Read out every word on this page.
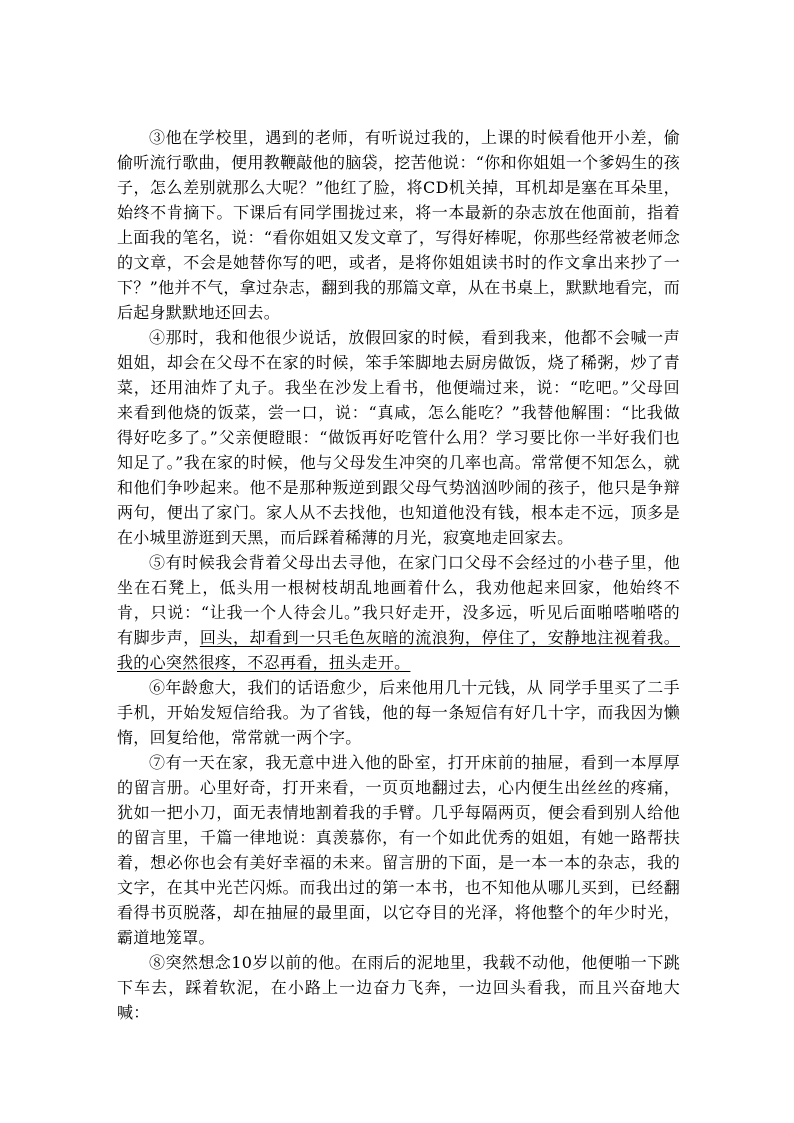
③他在学校里，遇到的老师，有听说过我的，上课的时候看他开小差，偷偷听流行歌曲，便用教鞭敲他的脑袋，挖苦他说：“你和你姐姐一个爹妈生的孩子，怎么差别就那么大呢？”他红了脸，将CD机关掉，耳机却是塞在耳朵里，始终不肯摘下。下课后有同学围拢过来，将一本最新的杂志放在他面前，指着上面我的笔名，说：“看你姐姐又发文章了，写得好棒呢，你那些经常被老师念的文章，不会是她替你写的吧，或者，是将你姐姐读书时的作文拿出来抄了一下？”他并不气，拿过杂志，翻到我的那篇文章，从在书桌上，默默地看完，而后起身默默地还回去。

④那时，我和他很少说话，放假回家的时候，看到我来，他都不会喊一声姐姐，却会在父母不在家的时候，笨手笨脚地去厨房做饭，烧了稀粥，炒了青菜，还用油炸了丸子。我坐在沙发上看书，他便端过来，说：“吃吧。”父母回来看到他烧的饭菜，尝一口，说：“真咸，怎么能吃？”我替他解围：“比我做得好吃多了。”父亲便瞪眼：“做饭再好吃管什么用？学习要比你一半好我们也知足了。”我在家的时候，他与父母发生冲突的几率也高。常常便不知怎么，就和他们争吵起来。他不是那种叛逆到跟父母气势汹汹吵闹的孩子，他只是争辩两句，便出了家门。家人从不去找他，也知道他没有钱，根本走不远，顶多是在小城里游逛到天黑，而后踩着稀薄的月光，寂寞地走回家去。

⑤有时候我会背着父母出去寻他，在家门口父母不会经过的小巷子里，他坐在石凳上，低头用一根树枝胡乱地画着什么，我劝他起来回家，他始终不肯，只说：“让我一个人待会儿。”我只好走开，没多远，听见后面啪嗒啪嗒的有脚步声，回头，却看到一只毛色灰暗的流浪狗，停住了，安静地注视着我。我的心突然很疼，不忍再看，扭头走开。

⑥年龄愈大，我们的话语愈少，后来他用几十元钱，从 同学手里买了二手手机，开始发短信给我。为了省钱，他的每一条短信有好几十字，而我因为懒惰，回复给他，常常就一两个字。

⑦有一天在家，我无意中进入他的卧室，打开床前的抽屉，看到一本厚厚的留言册。心里好奇，打开来看，一页页地翻过去，心内便生出丝丝的疼痛，犹如一把小刀，面无表情地割着我的手臂。几乎每隔两页，便会看到别人给他的留言里，千篇一律地说：真羡慕你，有一个如此优秀的姐姐，有她一路帮扶着，想必你也会有美好幸福的未来。留言册的下面，是一本一本的杂志，我的文字，在其中光芒闪烁。而我出过的第一本书，也不知他从哪儿买到，已经翻看得书页脱落，却在抽屉的最里面，以它夺目的光泽，将他整个的年少时光，霸道地笼罩。

⑧突然想念10岁以前的他。在雨后的泥地里，我载不动他，他便啪一下跳下车去，踩着软泥，在小路上一边奋力飞奔，一边回头看我，而且兴奋地大喊：
